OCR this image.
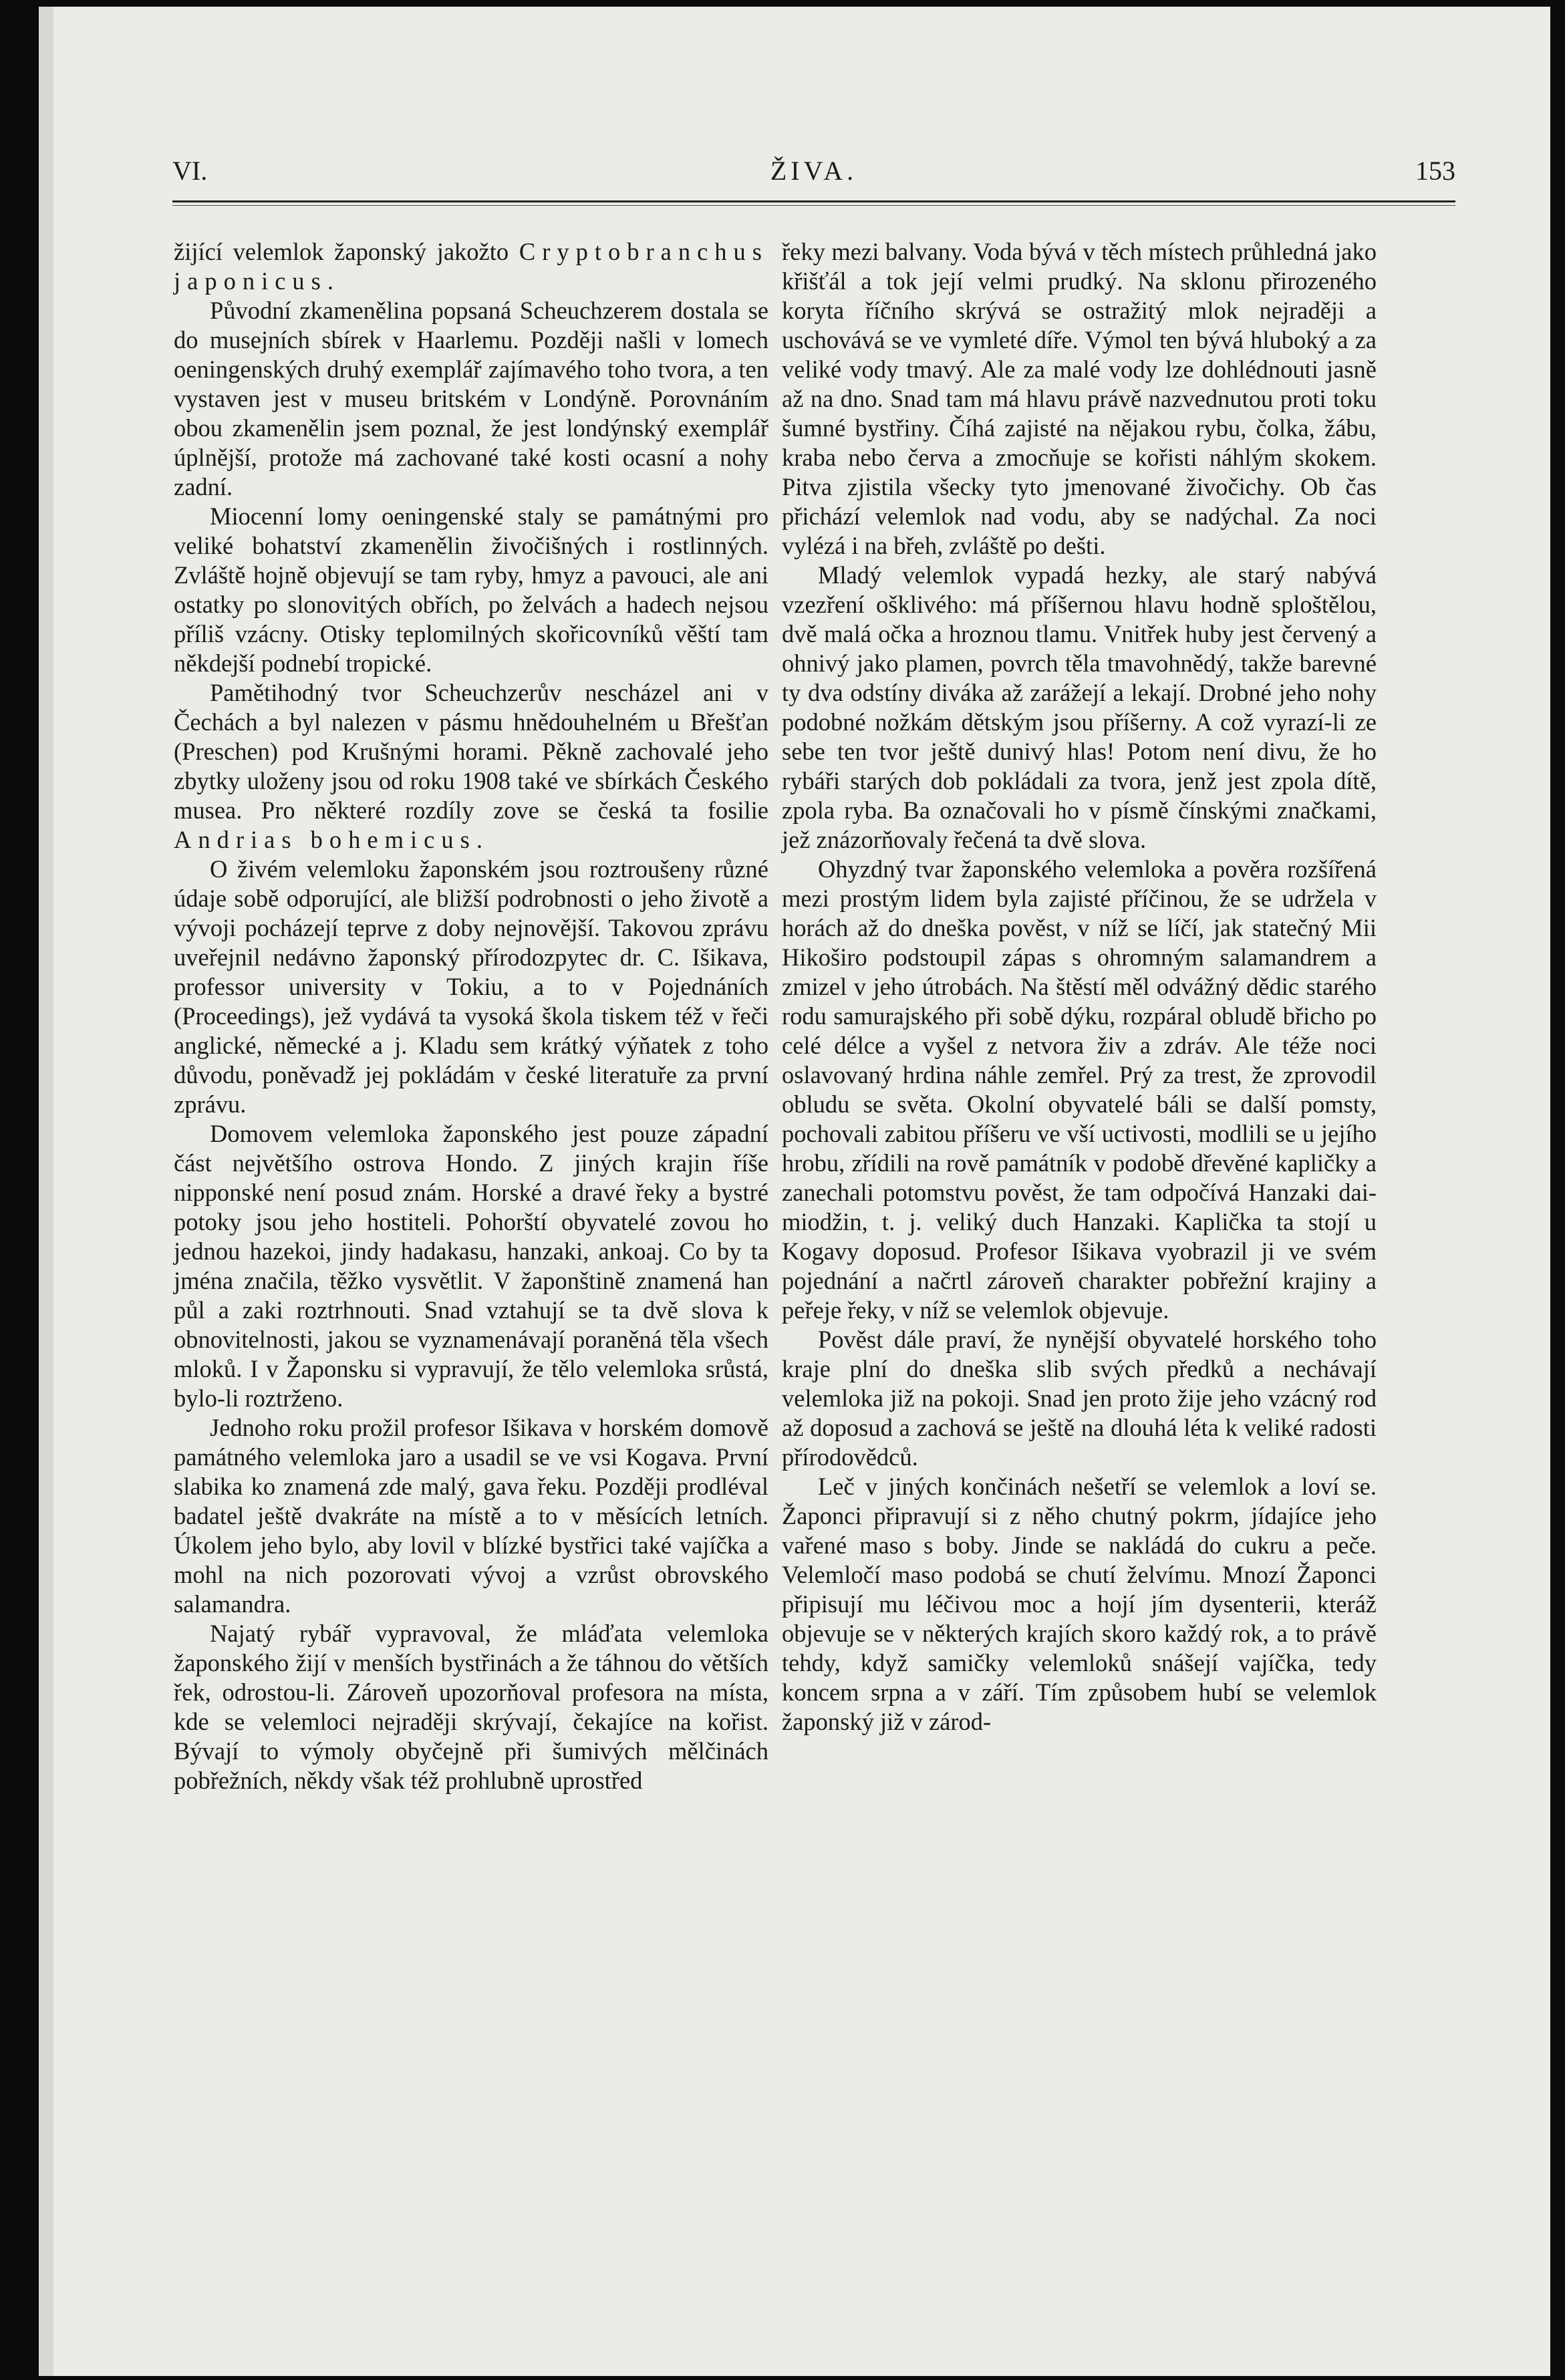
VI.	ŽIVA.	153

žijící velemlok žaponský jakožto Cryptobranchus japonicus.

Původní zkamenělina popsaná Scheuchzerem dostala se do musejních sbírek v Haarlemu. Později našli v lomech oeningenských druhý exemplář zajímavého toho tvora, a ten vystaven jest v museu britském v Londýně. Porovnáním obou zkamenělin jsem poznal, že jest londýnský exemplář úplnější, protože má zachované také kosti ocasní a nohy zadní.

Miocenní lomy oeningenské staly se památnými pro veliké bohatství zkamenělin živočišných i rostlinných. Zvláště hojně objevují se tam ryby, hmyz a pavouci, ale ani ostatky po slonovitých obřích, po želvách a hadech nejsou příliš vzácny. Otisky teplomilných skořicovníků věští tam někdejší podnebí tropické.

Pamětihodný tvor Scheuchzerův nescházel ani v Čechách a byl nalezen v pásmu hnědouhelném u Břešťan (Preschen) pod Krušnými horami. Pěkně zachovalé jeho zbytky uloženy jsou od roku 1908 také ve sbírkách Českého musea. Pro některé rozdíly zove se česká ta fosilie Andrias bohemicus.

O živém velemloku žaponském jsou roztroušeny různé údaje sobě odporující, ale bližší podrobnosti o jeho životě a vývoji pocházejí teprve z doby nejnovější. Takovou zprávu uveřejnil nedávno žaponský přírodozpytec dr. C. Išikava, professor university v Tokiu, a to v Pojednáních (Proceedings), jež vydává ta vysoká škola tiskem též v řeči anglické, německé a j. Kladu sem krátký výňatek z toho důvodu, poněvadž jej pokládám v české literatuře za první zprávu.

Domovem velemloka žaponského jest pouze západní část největšího ostrova Hondo. Z jiných krajin říše nipponské není posud znám. Horské a dravé řeky a bystré potoky jsou jeho hostiteli. Pohorští obyvatelé zovou ho jednou hazekoi, jindy hadakasu, hanzaki, ankoaj. Co by ta jména značila, těžko vysvětlit. V žaponštině znamená han půl a zaki roztrhnouti. Snad vztahují se ta dvě slova k obnovitelnosti, jakou se vyznamenávají poraněná těla všech mloků. I v Žaponsku si vypravují, že tělo velemloka srůstá, bylo-li roztrženo.

Jednoho roku prožil profesor Išikava v horském domově památného velemloka jaro a usadil se ve vsi Kogava. První slabika ko znamená zde malý, gava řeku. Později prodléval badatel ještě dvakráte na místě a to v měsících letních. Úkolem jeho bylo, aby lovil v blízké bystřici také vajíčka a mohl na nich pozorovati vývoj a vzrůst obrovského salamandra.

Najatý rybář vypravoval, že mláďata velemloka žaponského žijí v menších bystřinách a že táhnou do větších řek, odrostou-li. Zároveň upozorňoval profesora na místa, kde se velemloci nejraději skrývají, čekajíce na kořist. Bývají to výmoly obyčejně při šumivých mělčinách pobřežních, někdy však též prohlubně uprostřed

řeky mezi balvany. Voda bývá v těch místech průhledná jako křišťál a tok její velmi prudký. Na sklonu přirozeného koryta říčního skrývá se ostražitý mlok nejraději a uschovává se ve vymleté díře. Výmol ten bývá hluboký a za veliké vody tmavý. Ale za malé vody lze dohlédnouti jasně až na dno. Snad tam má hlavu právě nazvednutou proti toku šumné bystřiny. Číhá zajisté na nějakou rybu, čolka, žábu, kraba nebo červa a zmocňuje se kořisti náhlým skokem. Pitva zjistila všecky tyto jmenované živočichy. Ob čas přichází velemlok nad vodu, aby se nadýchal. Za noci vylézá i na břeh, zvláště po dešti.

Mladý velemlok vypadá hezky, ale starý nabývá vzezření ošklivého: má příšernou hlavu hodně sploštělou, dvě malá očka a hroznou tlamu. Vnitřek huby jest červený a ohnivý jako plamen, povrch těla tmavohnědý, takže barevné ty dva odstíny diváka až zarážejí a lekají. Drobné jeho nohy podobné nožkám dětským jsou příšerny. A což vyrazí-li ze sebe ten tvor ještě dunivý hlas! Potom není divu, že ho rybáři starých dob pokládali za tvora, jenž jest zpola dítě, zpola ryba. Ba označovali ho v písmě čínskými značkami, jež znázorňovaly řečená ta dvě slova.

Ohyzdný tvar žaponského velemloka a pověra rozšířená mezi prostým lidem byla zajisté příčinou, že se udržela v horách až do dneška pověst, v níž se líčí, jak statečný Mii Hikoširo podstoupil zápas s ohromným salamandrem a zmizel v jeho útrobách. Na štěstí měl odvážný dědic starého rodu samurajského při sobě dýku, rozpáral obludě břicho po celé délce a vyšel z netvora živ a zdráv. Ale téže noci oslavovaný hrdina náhle zemřel. Prý za trest, že zprovodil obludu se světa. Okolní obyvatelé báli se další pomsty, pochovali zabitou příšeru ve vší uctivosti, modlili se u jejího hrobu, zřídili na rově památník v podobě dřevěné kapličky a zanechali potomstvu pověst, že tam odpočívá Hanzaki dai-miodžin, t. j. veliký duch Hanzaki. Kaplička ta stojí u Kogavy doposud. Profesor Išikava vyobrazil ji ve svém pojednání a načrtl zároveň charakter pobřežní krajiny a peřeje řeky, v níž se velemlok objevuje.

Pověst dále praví, že nynější obyvatelé horského toho kraje plní do dneška slib svých předků a nechávají velemloka již na pokoji. Snad jen proto žije jeho vzácný rod až doposud a zachová se ještě na dlouhá léta k veliké radosti přírodovědců.

Leč v jiných končinách nešetří se velemlok a loví se. Žaponci připravují si z něho chutný pokrm, jídajíce jeho vařené maso s boby. Jinde se nakládá do cukru a peče. Velemločí maso podobá se chutí želvímu. Mnozí Žaponci připisují mu léčivou moc a hojí jím dysenterii, kteráž objevuje se v některých krajích skoro každý rok, a to právě tehdy, když samičky velemloků snášejí vajíčka, tedy koncem srpna a v září. Tím způsobem hubí se velemlok žaponský již v zárod-
